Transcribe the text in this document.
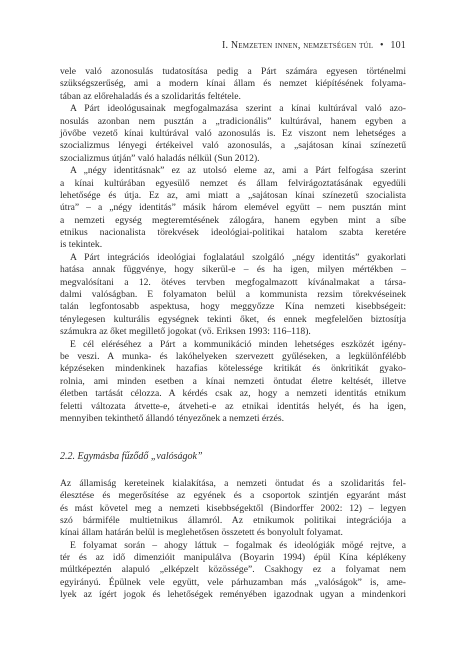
I. Nemzeten innen, nemzetségen túl • 101
vele való azonosulás tudatosítása pedig a Párt számára egyesen történelmi
szükségszerűség, ami a modern kínai állam és nemzet kiépítésének folyama-
tában az előrehaladás és a szolidaritás feltétele.
A Párt ideológusainak megfogalmazása szerint a kínai kultúrával való azo-
nosulás azonban nem pusztán a „tradicionális” kultúrával, hanem egyben a
jövőbe vezető kínai kultúrával való azonosulás is. Ez viszont nem lehetséges a
szocializmus lényegi értékeivel való azonosulás, a „sajátosan kínai színezetű
szocializmus útján” való haladás nélkül (Sun 2012).
A „négy identitásnak” ez az utolsó eleme az, ami a Párt felfogása szerint
a kínai kultúrában egyesülő nemzet és állam felvirágoztatásának egyedüli
lehetősége és útja. Ez az, ami miatt a „sajátosan kínai színezetű szocialista
útra” – a „négy identitás” másik három elemével együtt – nem pusztán mint
a nemzeti egység megteremtésének zálogára, hanem egyben mint a síbe
etnikus nacionalista törekvések ideológiai-politikai hatalom szabta keretére
is tekintek.
A Párt integrációs ideológiai foglalatául szolgáló „négy identitás” gyakorlati
hatása annak függvénye, hogy sikerül-e – és ha igen, milyen mértékben –
megvalósítani a 12. ötéves tervben megfogalmazott kívánalmakat a társa-
dalmi valóságban. E folyamaton belül a kommunista rezsim törekvéseinek
talán legfontosabb aspektusa, hogy meggyőzze Kína nemzeti kisebbségeit:
ténylegesen kulturális egységnek tekinti őket, és ennek megfelelően biztosítja
számukra az őket megillető jogokat (vö. Eriksen 1993: 116–118).
E cél eléréséhez a Párt a kommunikáció minden lehetséges eszközét igény-
be veszi. A munka- és lakóhelyeken szervezett gyűléseken, a legkülönfélébb
képzéseken mindenkinek hazafias kötelessége kritikát és önkritikát gyako-
rolnia, ami minden esetben a kínai nemzeti öntudat életre keltését, illetve
életben tartását célozza. A kérdés csak az, hogy a nemzeti identitás etnikum
feletti változata átvette-e, átveheti-e az etnikai identitás helyét, és ha igen,
mennyiben tekinthető állandó tényezőnek a nemzeti érzés.
2.2. Egymásba fűződő „valóságok”
Az államiság kereteinek kialakítása, a nemzeti öntudat és a szolidaritás fel-
élesztése és megerősítése az egyének és a csoportok szintjén egyaránt mást
és mást követel meg a nemzeti kisebbségektől (Bindorffer 2002: 12) – legyen
szó bármiféle multietnikus államról. Az etnikumok politikai integrációja a
kínai állam határán belül is meglehetősen összetett és bonyolult folyamat.
E folyamat során – ahogy láttuk – fogalmak és ideológiák mögé rejtve, a
tér és az idő dimenzióit manipulálva (Boyarin 1994) épül Kína képlékeny
múltképeztén alapuló „elképzelt közössége”. Csakhogy ez a folyamat nem
egyirányú. Épülnek vele együtt, vele párhuzamban más „valóságok” is, ame-
lyek az ígért jogok és lehetőségek reményében igazodnak ugyan a mindenkori
